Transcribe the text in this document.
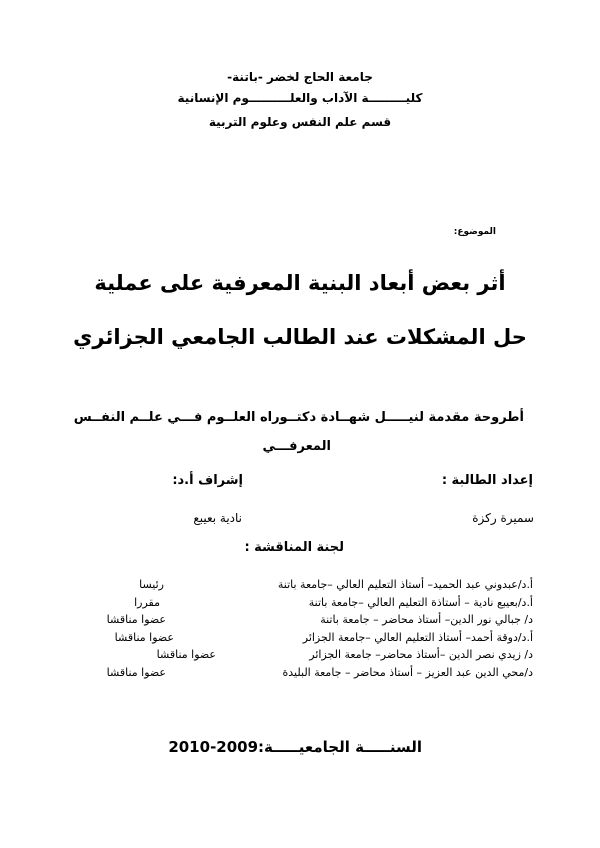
جامعة الحاج لخضر -باتنة-
كليـــــــــة الآداب والعلــــــــــوم الإنسانية
قسم علم النفس وعلوم التربية
الموضوع:
أثر بعض أبعاد البنية المعرفية على عملية
حل المشكلات عند الطالب الجامعي الجزائري
أطروحة مقدمة لنيـــــل شهــادة دكتــوراه العلــوم فـــي علــم النفــس
المعرفـــي
إعداد الطالبة :
إشراف أ.د:
سميرة ركزة
نادية بعيبع
لجنة المناقشة :
أ.د/عبدوني عبد الحميد– أستاذ التعليم العالي –جامعة باتنة
رئيسا
أ.د/بعيبع نادية – أستاذة التعليم العالي –جامعة باتنة
مقررا
د/ جبالي نور الدين– أستاذ محاضر – جامعة باتنة
عضوا مناقشا
أ.د/دوقة أحمد– أستاذ التعليم العالي –جامعة الجزائر
عضوا مناقشا
د/ زيدي نصر الدين –أستاذ محاضر– جامعة الجزائر
عضوا مناقشا
د/محي الدين عبد العزيز – أستاذ محاضر – جامعة البليدة
عضوا مناقشا
السنـــــة الجامعيـــــة:2009-2010
